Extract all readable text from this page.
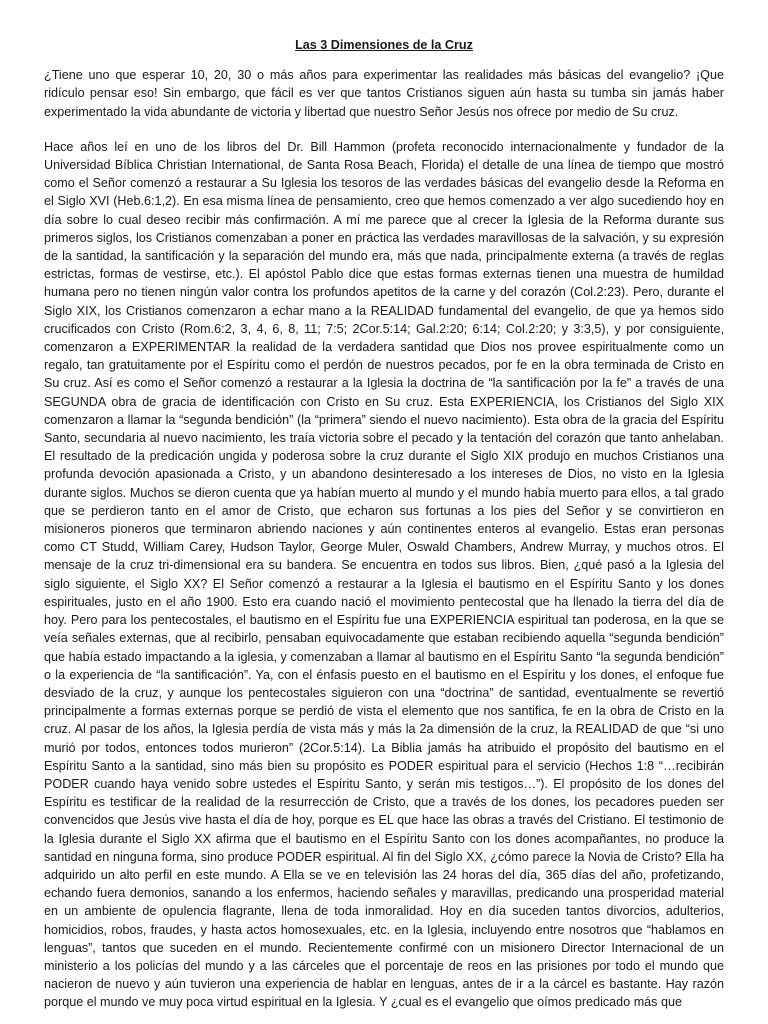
Las 3 Dimensiones de la Cruz

¿Tiene uno que esperar 10, 20, 30 o más años para experimentar las realidades más básicas del evangelio? ¡Que ridículo pensar eso! Sin embargo, que fácil es ver que tantos Cristianos siguen aún hasta su tumba sin jamás haber experimentado la vida abundante de victoria y libertad que nuestro Señor Jesús nos ofrece por medio de Su cruz.

Hace años leí en uno de los libros del Dr. Bill Hammon (profeta reconocido internacionalmente y fundador de la Universidad Bíblica Christian International, de Santa Rosa Beach, Florida) el detalle de una línea de tiempo que mostró como el Señor comenzó a restaurar a Su Iglesia los tesoros de las verdades básicas del evangelio desde la Reforma en el Siglo XVI (Heb.6:1,2). En esa misma línea de pensamiento, creo que hemos comenzado a ver algo sucediendo hoy en día sobre lo cual deseo recibir más confirmación. A mí me parece que al crecer la Iglesia de la Reforma durante sus primeros siglos, los Cristianos comenzaban a poner en práctica las verdades maravillosas de la salvación, y su expresión de la santidad, la santificación y la separación del mundo era, más que nada, principalmente externa (a través de reglas estrictas, formas de vestirse, etc.). El apóstol Pablo dice que estas formas externas tienen una muestra de humildad humana pero no tienen ningún valor contra los profundos apetitos de la carne y del corazón (Col.2:23). Pero, durante el Siglo XIX, los Cristianos comenzaron a echar mano a la REALIDAD fundamental del evangelio, de que ya hemos sido crucificados con Cristo (Rom.6:2, 3, 4, 6, 8, 11; 7:5; 2Cor.5:14; Gal.2:20; 6:14; Col.2:20; y 3:3,5), y por consiguiente, comenzaron a EXPERIMENTAR la realidad de la verdadera santidad que Dios nos provee espiritualmente como un regalo, tan gratuitamente por el Espíritu como el perdón de nuestros pecados, por fe en la obra terminada de Cristo en Su cruz. Así es como el Señor comenzó a restaurar a la Iglesia la doctrina de “la santificación por la fe” a través de una SEGUNDA obra de gracia de identificación con Cristo en Su cruz. Esta EXPERIENCIA, los Cristianos del Siglo XIX comenzaron a llamar la “segunda bendición” (la “primera” siendo el nuevo nacimiento). Esta obra de la gracia del Espíritu Santo, secundaria al nuevo nacimiento, les traía victoria sobre el pecado y la tentación del corazón que tanto anhelaban. El resultado de la predicación ungida y poderosa sobre la cruz durante el Siglo XIX produjo en muchos Cristianos una profunda devoción apasionada a Cristo, y un abandono desinteresado a los intereses de Dios, no visto en la Iglesia durante siglos. Muchos se dieron cuenta que ya habían muerto al mundo y el mundo había muerto para ellos, a tal grado que se perdieron tanto en el amor de Cristo, que echaron sus fortunas a los pies del Señor y se convirtieron en misioneros pioneros que terminaron abriendo naciones y aún continentes enteros al evangelio. Estas eran personas como CT Studd, William Carey, Hudson Taylor, George Muler, Oswald Chambers, Andrew Murray, y muchos otros. El mensaje de la cruz tri-dimensional era su bandera. Se encuentra en todos sus libros. Bien, ¿qué pasó a la Iglesia del siglo siguiente, el Siglo XX? El Señor comenzó a restaurar a la Iglesia el bautismo en el Espíritu Santo y los dones espirituales, justo en el año 1900. Esto era cuando nació el movimiento pentecostal que ha llenado la tierra del día de hoy. Pero para los pentecostales, el bautismo en el Espíritu fue una EXPERIENCIA espiritual tan poderosa, en la que se veía señales externas, que al recibirlo, pensaban equivocadamente que estaban recibiendo aquella “segunda bendición” que había estado impactando a la iglesia, y comenzaban a llamar al bautismo en el Espíritu Santo “la segunda bendición” o la experiencia de “la santificación”. Ya, con el énfasis puesto en el bautismo en el Espíritu y los dones, el enfoque fue desviado de la cruz, y aunque los pentecostales siguieron con una “doctrina” de santidad, eventualmente se revertió principalmente a formas externas porque se perdió de vista el elemento que nos santifica, fe en la obra de Cristo en la cruz. Al pasar de los años, la Iglesia perdía de vista más y más la 2a dimensión de la cruz, la REALIDAD de que “si uno murió por todos, entonces todos murieron” (2Cor.5:14). La Biblia jamás ha atribuido el propósito del bautismo en el Espíritu Santo a la santidad, sino más bien su propósito es PODER espiritual para el servicio (Hechos 1:8 “…recibirán PODER cuando haya venido sobre ustedes el Espíritu Santo, y serán mis testigos…”). El propósito de los dones del Espíritu es testificar de la realidad de la resurrección de Cristo, que a través de los dones, los pecadores pueden ser convencidos que Jesús vive hasta el día de hoy, porque es EL que hace las obras a través del Cristiano. El testimonio de la Iglesia durante el Siglo XX afirma que el bautismo en el Espíritu Santo con los dones acompañantes, no produce la santidad en ninguna forma, sino produce PODER espiritual. Al fin del Siglo XX, ¿cómo parece la Novia de Cristo? Ella ha adquirido un alto perfil en este mundo. A Ella se ve en televisión las 24 horas del día, 365 días del año, profetizando, echando fuera demonios, sanando a los enfermos, haciendo señales y maravillas, predicando una prosperidad material en un ambiente de opulencia flagrante, llena de toda inmoralidad. Hoy en día suceden tantos divorcios, adulterios, homicidios, robos, fraudes, y hasta actos homosexuales, etc. en la Iglesia, incluyendo entre nosotros que “hablamos en lenguas”, tantos que suceden en el mundo. Recientemente confirmé con un misionero Director Internacional de un ministerio a los policías del mundo y a las cárceles que el porcentaje de reos en las prisiones por todo el mundo que nacieron de nuevo y aún tuvieron una experiencia de hablar en lenguas, antes de ir a la cárcel es bastante. Hay razón porque el mundo ve muy poca virtud espiritual en la Iglesia. Y ¿cual es el evangelio que oímos predicado más que
